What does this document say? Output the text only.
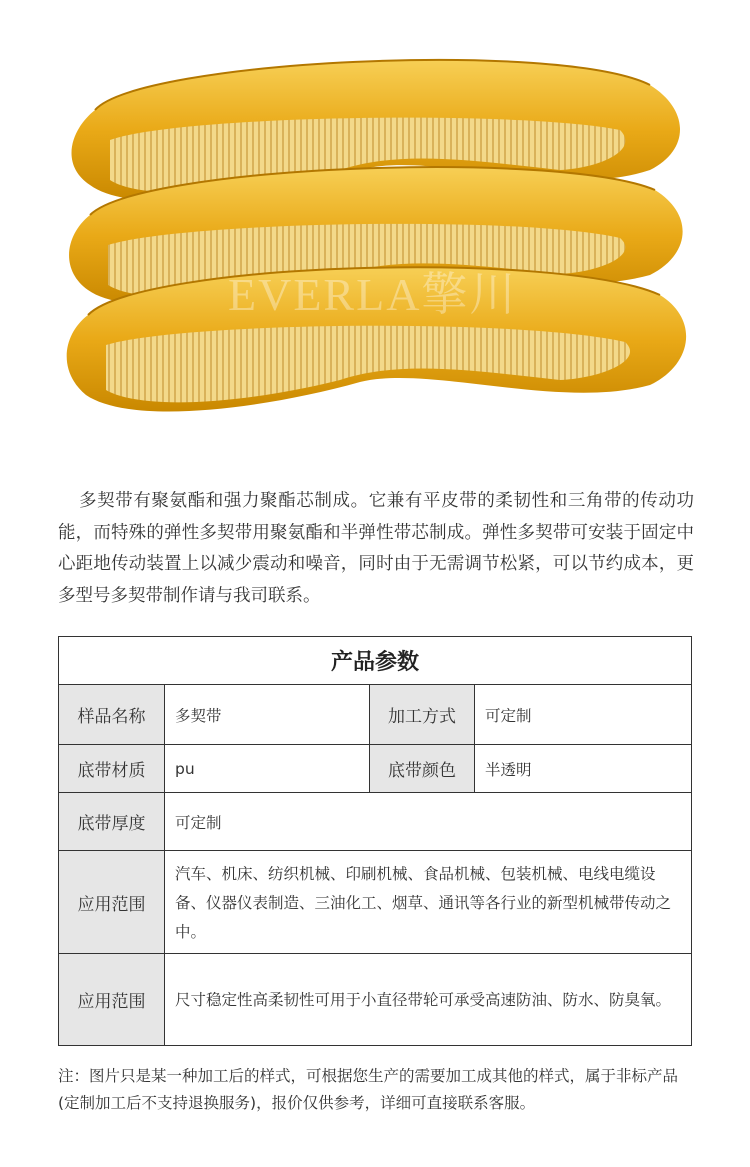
EVERLA擎川

多契带有聚氨酯和强力聚酯芯制成。它兼有平皮带的柔韧性和三角带的传动功能，而特殊的弹性多契带用聚氨酯和半弹性带芯制成。弹性多契带可安装于固定中心距地传动装置上以减少震动和噪音，同时由于无需调节松紧，可以节约成本，更多型号多契带制作请与我司联系。

产品参数			
样品名称	多契带	加工方式	可定制
底带材质	pu	底带颜色	半透明
底带厚度	可定制		
应用范围	汽车、机床、纺织机械、印刷机械、食品机械、包装机械、电线电缆设备、仪器仪表制造、三油化工、烟草、通讯等各行业的新型机械带传动之中。		
应用范围	尺寸稳定性高柔韧性可用于小直径带轮可承受高速防油、防水、防臭氧。		

注：图片只是某一种加工后的样式，可根据您生产的需要加工成其他的样式，属于非标产品(定制加工后不支持退换服务)，报价仅供参考，详细可直接联系客服。
